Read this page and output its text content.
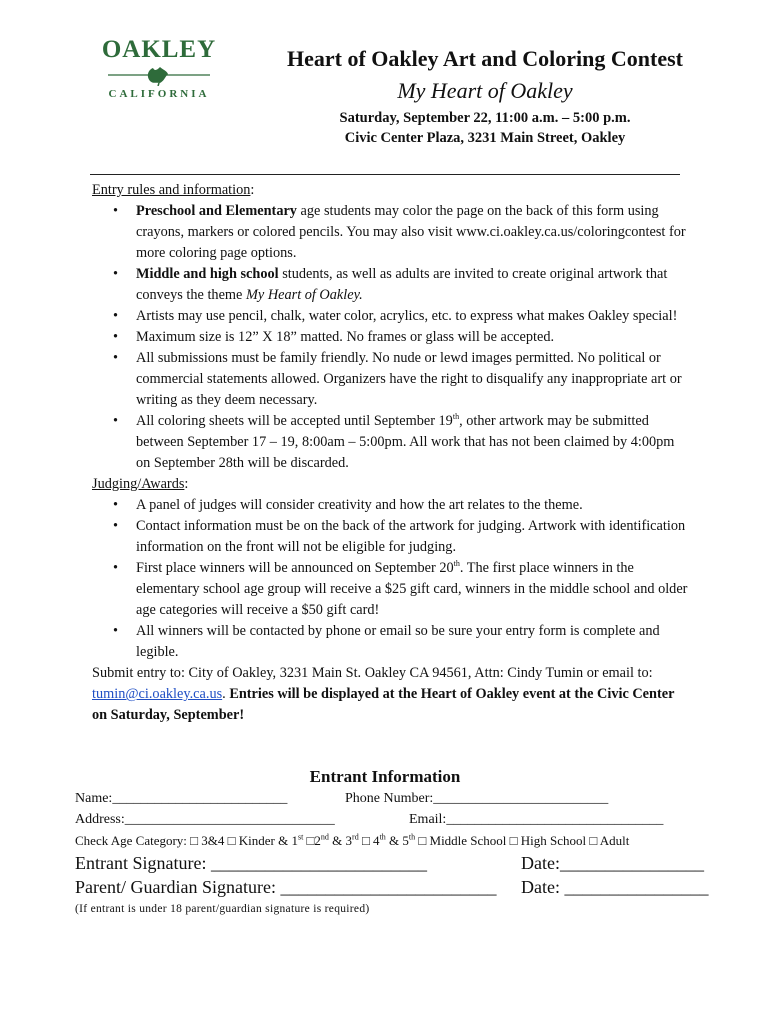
OAKLEY
CALIFORNIA
Heart of Oakley Art and Coloring Contest
My Heart of Oakley
Saturday, September 22, 11:00 a.m. – 5:00 p.m.
Civic Center Plaza, 3231 Main Street, Oakley
Entry rules and information:
• Preschool and Elementary age students may color the page on the back of this form using crayons, markers or colored pencils. You may also visit www.ci.oakley.ca.us/coloringcontest for more coloring page options.
• Middle and high school students, as well as adults are invited to create original artwork that conveys the theme My Heart of Oakley.
• Artists may use pencil, chalk, water color, acrylics, etc. to express what makes Oakley special!
• Maximum size is 12” X 18” matted. No frames or glass will be accepted.
• All submissions must be family friendly. No nude or lewd images permitted. No political or commercial statements allowed. Organizers have the right to disqualify any inappropriate art or writing as they deem necessary.
• All coloring sheets will be accepted until September 19th, other artwork may be submitted between September 17 – 19, 8:00am – 5:00pm. All work that has not been claimed by 4:00pm on September 28th will be discarded.
Judging/Awards:
• A panel of judges will consider creativity and how the art relates to the theme.
• Contact information must be on the back of the artwork for judging. Artwork with identification information on the front will not be eligible for judging.
• First place winners will be announced on September 20th. The first place winners in the elementary school age group will receive a $25 gift card, winners in the middle school and older age categories will receive a $50 gift card!
• All winners will be contacted by phone or email so be sure your entry form is complete and legible.
Submit entry to: City of Oakley, 3231 Main St. Oakley CA 94561, Attn: Cindy Tumin or email to: tumin@ci.oakley.ca.us. Entries will be displayed at the Heart of Oakley event at the Civic Center on Saturday, September!
Entrant Information
Name:_________________________	Phone Number:_________________________
Address:______________________________	Email:_______________________________
Check Age Category: □ 3&4 □ Kinder & 1st □2nd & 3rd □ 4th & 5th □ Middle School □ High School □ Adult
Entrant Signature: ________________________	Date:________________
Parent/ Guardian Signature: ________________________ Date: ________________
(If entrant is under 18 parent/guardian signature is required)
